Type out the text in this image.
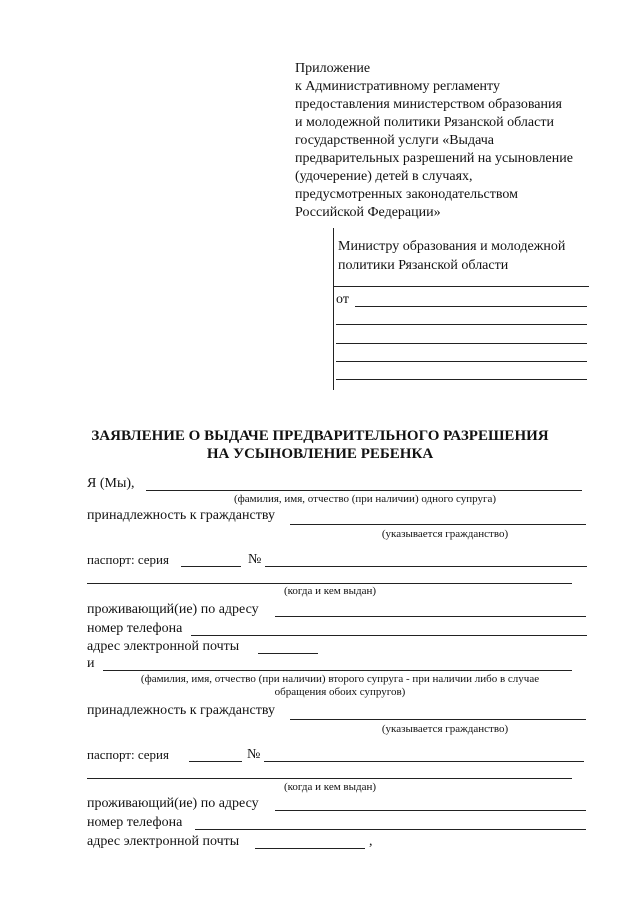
Приложение
к Административному регламенту
предоставления министерством образования
и молодежной политики Рязанской области
государственной услуги «Выдача
предварительных разрешений на усыновление
(удочерение) детей в случаях,
предусмотренных законодательством
Российской Федерации»
Министру образования и молодежной
политики Рязанской области
от
ЗАЯВЛЕНИЕ О ВЫДАЧЕ ПРЕДВАРИТЕЛЬНОГО РАЗРЕШЕНИЯ
НА УСЫНОВЛЕНИЕ РЕБЕНКА
Я (Мы),
(фамилия, имя, отчество (при наличии) одного супруга)
принадлежность к гражданству
(указывается гражданство)
паспорт: серия	№
(когда и кем выдан)
проживающий(ие) по адресу
номер телефона
адрес электронной почты
и
(фамилия, имя, отчество (при наличии) второго супруга - при наличии либо в случае
обращения обоих супругов)
принадлежность к гражданству
(указывается гражданство)
паспорт: серия	№
(когда и кем выдан)
проживающий(ие) по адресу
номер телефона
адрес электронной почты	,
